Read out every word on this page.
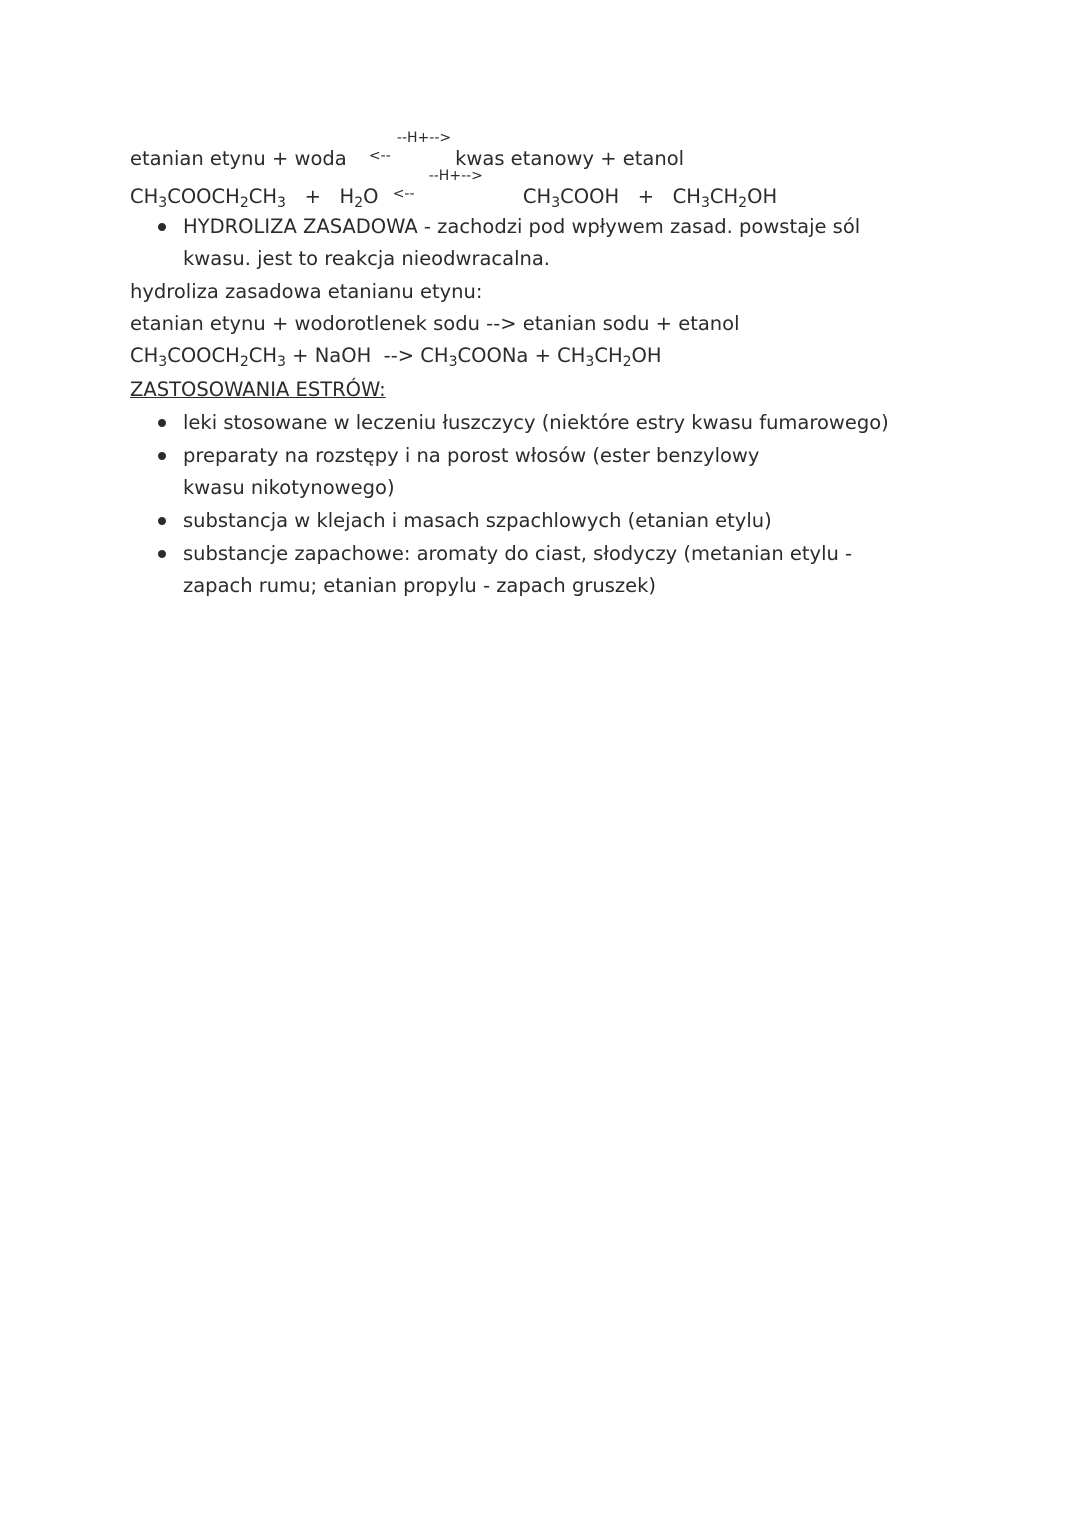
etanian etynu + woda <--
--H+-->
kwas etanowy + etanol
$CH_3COOCH_2CH_3 + H_2O$ <--
--H+-->
$CH_3COOH + CH_3CH_2OH$
HYDROLIZA ZASADOWA - zachodzi pod wpływem zasad. powstaje sól kwasu. jest to reakcja nieodwracalna.
hydroliza zasadowa etanianu etynu:
etanian etynu + wodorotlenek sodu --> etanian sodu + etanol
$CH_3COOCH_2CH_3$ + NaOH  --> $CH_3COONa + CH_3CH_2OH$
ZASTOSOWANIA ESTRÓW:
leki stosowane w leczeniu łuszczycy (niektóre estry kwasu fumarowego)
preparaty na rozstępy i na porost włosów (ester benzylowy kwasu nikotynowego)
substancja w klejach i masach szpachlowych (etanian etylu)
substancje zapachowe: aromaty do ciast, słodyczy (metanian etylu - zapach rumu; etanian propylu - zapach gruszek)
